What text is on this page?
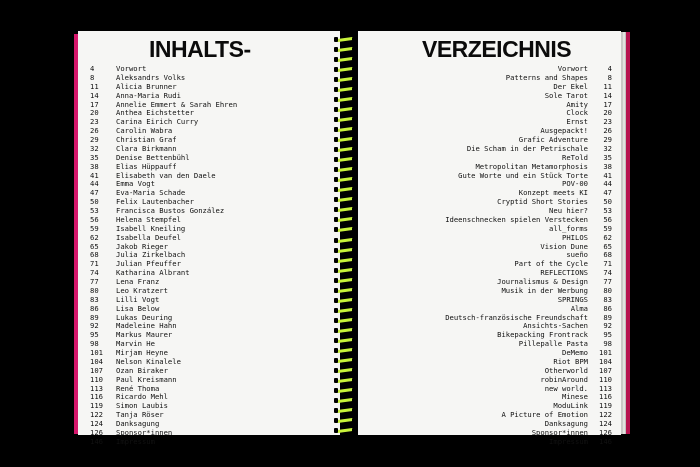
INHALTS-
4	Vorwort
8	Aleksandrs Volks
11 Alicia Brunner
14 Anna-Maria Rudi
17 Annelie Emmert & Sarah Ehren
20 Anthea Eichstetter
23 Carina Eirich Curry
26 Carolin Wabra
29 Christian Graf
32 Clara Birkmann
35 Denise Bettenbühl
38 Elias Hüppauff
41 Elisabeth van den Daele
44 Emma Vogt
47 Eva-Maria Schade
50 Felix Lautenbacher
53 Francisca Bustos González
56 Helena Stempfel
59 Isabell Kneiling
62 Isabella Deufel
65 Jakob Rieger
68 Julia Zirkelbach
71 Julian Pfeuffer
74 Katharina Albrant
77 Lena Franz
80 Leo Kratzert
83 Lilli Vogt
86 Lisa Below
89 Lukas Deuring
92 Madeleine Hahn
95 Markus Maurer
98 Marvin He
101 Mirjam Heyne
104 Nelson Kinalele
107 Ozan Biraker
110 Paul Kreismann
113 René Thoma
116 Ricardo Mehl
119 Simon Laubis
122 Tanja Röser
124 Danksagung
126 Sponsor*innen
146 Impressum
VERZEICHNIS
Vorwort	4
Patterns and Shapes	8
Der Ekel 11
Sole Tarot 14
Amity 17
Clock 20
Ernst 23
Ausgepackt! 26
Grafic Adventure 29
Die Scham in der Petrischale 32
ReTold 35
Metropolitan Metamorphosis 38
Gute Worte und ein Stück Torte 41
POV-00 44
Konzept meets KI 47
Cryptid Short Stories 50
Neu hier? 53
Ideenschnecken spielen Verstecken 56
all_forms 59
PHILOS 62
Vision Dune 65
sueño 68
Part of the Cycle 71
REFLECTIONS 74
Journalismus & Design 77
Musik in der Werbung 80
SPRINGS 83
Alma 86
Deutsch-französische Freundschaft 89
Ansichts-Sachen 92
Bikepacking Frontrack 95
Pillepalle Pasta 98
DeMemo 101
Riot BPM 104
Otherworld 107
robinAround 110
new world. 113
Minese 116
ModuLink 119
A Picture of Emotion 122
Danksagung 124
Sponsor*innen 126
Impressum 146
